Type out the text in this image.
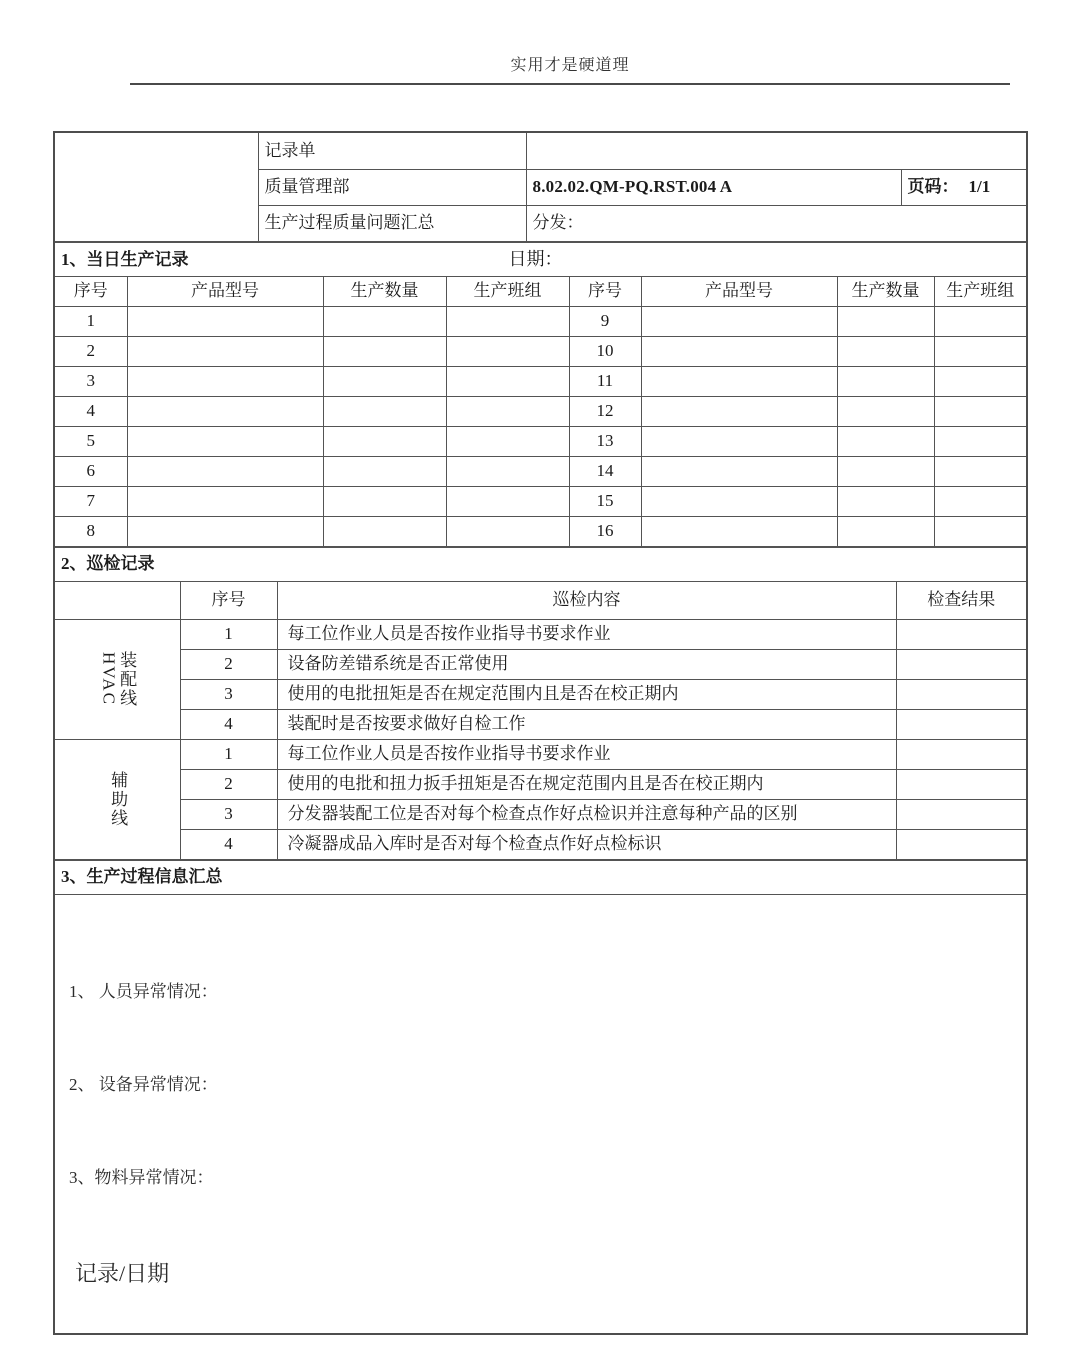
实用才是硬道理
	记录单		
	质量管理部	8.02.02.QM-PQ.RST.004 A	页码： 1/1
	生产过程质量问题汇总	分发：	
1、当日生产记录 日期：							
序号	产品型号	生产数量	生产班组	序号	产品型号	生产数量	生产班组
1				9			
2				10			
3				11			
4				12			
5				13			
6				14			
7				15			
8				16			
2、巡检记录			
	序号	巡检内容	检查结果

HVAC
装配线	1	每工位作业人员是否按作业指导书要求作业	
	2	设备防差错系统是否正常使用	
	3	使用的电批扭矩是否在规定范围内且是否在校正期内	
	4	装配时是否按要求做好自检工作	

辅助线	1	每工位作业人员是否按作业指导书要求作业	
	2	使用的电批和扭力扳手扭矩是否在规定范围内且是否在校正期内	
	3	分发器装配工位是否对每个检查点作好点检识并注意每种产品的区别	
	4	冷凝器成品入库时是否对每个检查点作好点检标识	
3、生产过程信息汇总

1、 人员异常情况：
2、 设备异常情况：
3、物料异常情况：
记录/日期
